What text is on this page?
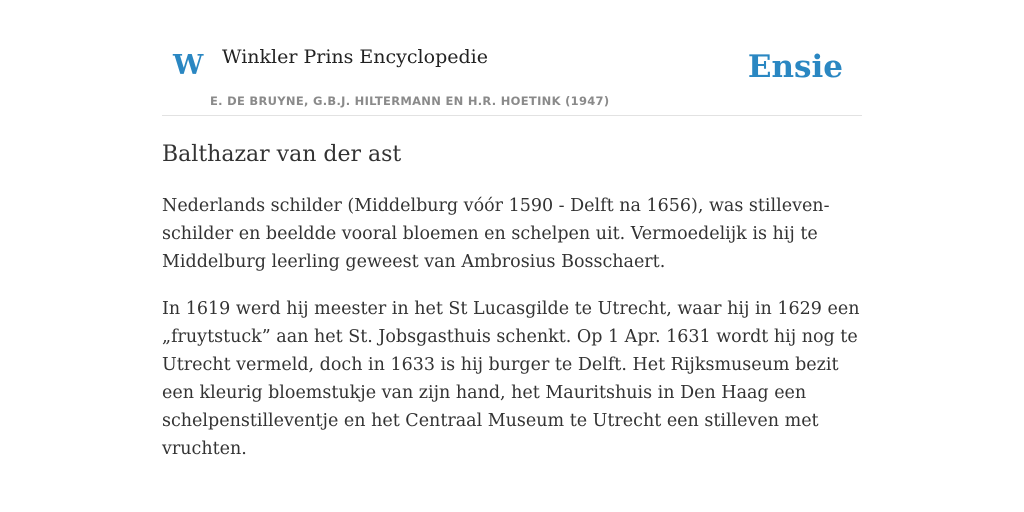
W Winkler Prins Encyclopedie
E. DE BRUYNE, G.B.J. HILTERMANN EN H.R. HOETINK (1947)
Ensie
Balthazar van der ast

Nederlands schilder (Middelburg vóór 1590 - Delft na 1656), was stilleven-schilder en beeldde vooral bloemen en schelpen uit. Vermoedelijk is hij te Middelburg leerling geweest van Ambrosius Bosschaert.

In 1619 werd hij meester in het St Lucasgilde te Utrecht, waar hij in 1629 een „fruytstuck” aan het St. Jobsgasthuis schenkt. Op 1 Apr. 1631 wordt hij nog te Utrecht vermeld, doch in 1633 is hij burger te Delft. Het Rijksmuseum bezit een kleurig bloemstukje van zijn hand, het Mauritshuis in Den Haag een schelpenstilleventje en het Centraal Museum te Utrecht een stilleven met vruchten.
